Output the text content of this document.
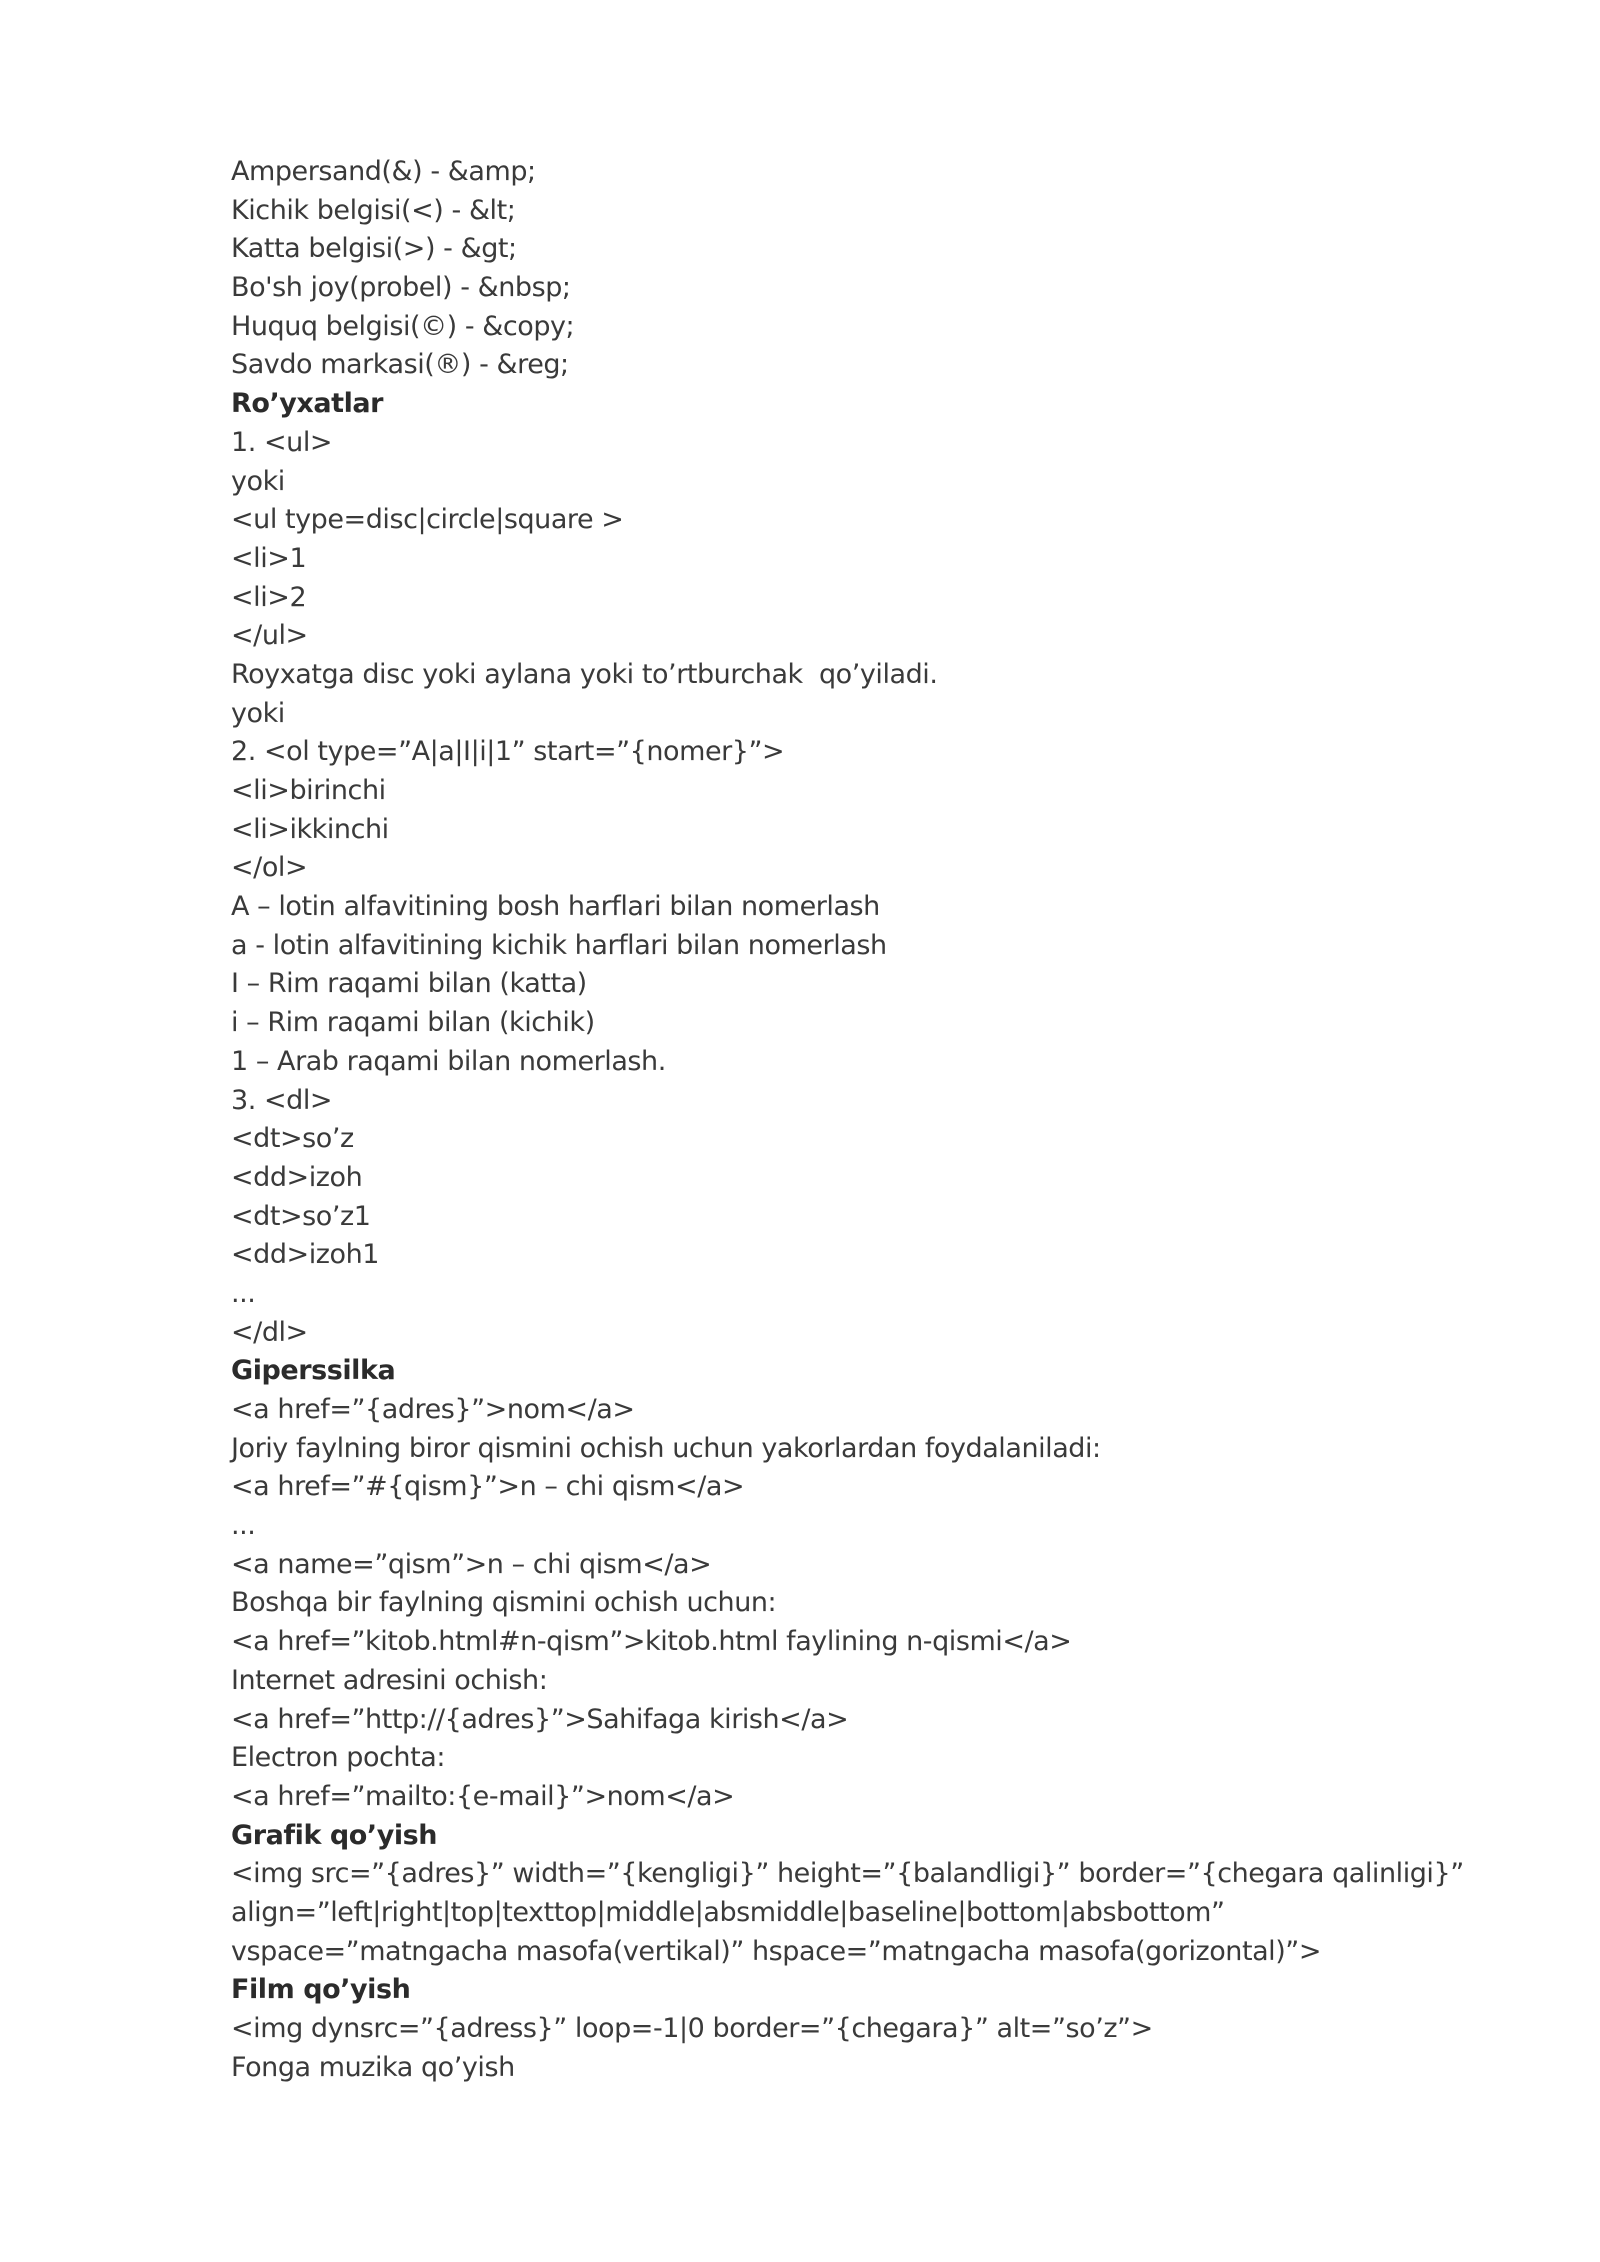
Ampersand(&) - &amp;
Kichik belgisi(<) - &lt;
Katta belgisi(>) - &gt;
Bo'sh joy(probel) - &nbsp;
Huquq belgisi(©) - &copy;
Savdo markasi(®) - &reg;
Ro’yxatlar
1. <ul>
yoki
<ul type=disc|circle|square >
<li>1
<li>2
</ul>
Royxatga disc yoki aylana yoki to’rtburchak  qo’yiladi.
yoki
2. <ol type=”A|a|I|i|1” start=”{nomer}”>
<li>birinchi
<li>ikkinchi
</ol>
A – lotin alfavitining bosh harflari bilan nomerlash
a - lotin alfavitining kichik harflari bilan nomerlash
I – Rim raqami bilan (katta)
i – Rim raqami bilan (kichik)
1 – Arab raqami bilan nomerlash.
3. <dl>
<dt>so’z
<dd>izoh
<dt>so’z1
<dd>izoh1
...
</dl>
Giperssilka
<a href=”{adres}”>nom</a>
Joriy faylning biror qismini ochish uchun yakorlardan foydalaniladi:
<a href=”#{qism}”>n – chi qism</a>
...
<a name=”qism”>n – chi qism</a>
Boshqa bir faylning qismini ochish uchun:
<a href=”kitob.html#n-qism”>kitob.html faylining n-qismi</a>
Internet adresini ochish:
<a href=”http://{adres}”>Sahifaga kirish</a>
Electron pochta:
<a href=”mailto:{e-mail}”>nom</a>
Grafik qo’yish
<img src=”{adres}” width=”{kengligi}” height=”{balandligi}” border=”{chegara qalinligi}”
align=”left|right|top|texttop|middle|absmiddle|baseline|bottom|absbottom”
vspace=”matngacha masofa(vertikal)” hspace=”matngacha masofa(gorizontal)”>
Film qo’yish
<img dynsrc=”{adress}” loop=-1|0 border=”{chegara}” alt=”so’z”>
Fonga muzika qo’yish
